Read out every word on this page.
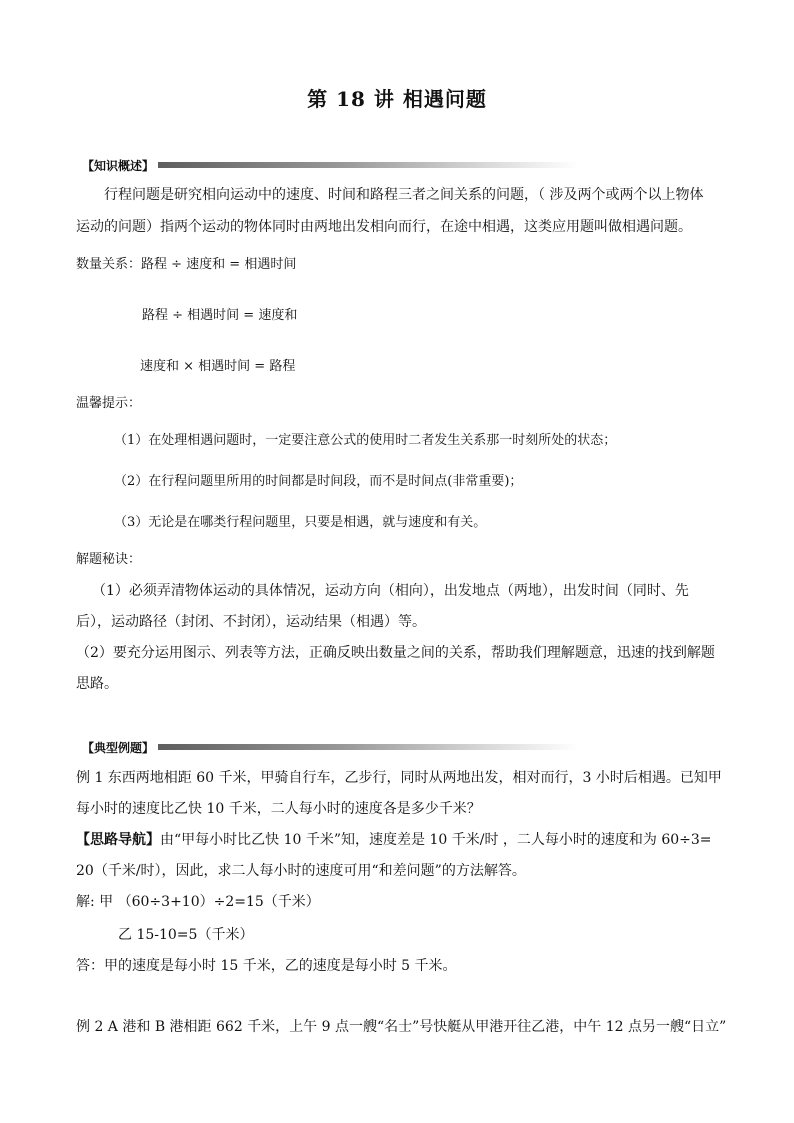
第 18 讲 相遇问题
【知识概述】
行程问题是研究相向运动中的速度、时间和路程三者之间关系的问题，（ 涉及两个或两个以上物体
运动的问题）指两个运动的物体同时由两地出发相向而行，在途中相遇，这类应用题叫做相遇问题。
数量关系：路程 ÷ 速度和 = 相遇时间
路程 ÷ 相遇时间 = 速度和
速度和 × 相遇时间 = 路程
温馨提示：
（1）在处理相遇问题时，一定要注意公式的使用时二者发生关系那一时刻所处的状态；
（2）在行程问题里所用的时间都是时间段，而不是时间点(非常重要)；
（3）无论是在哪类行程问题里，只要是相遇，就与速度和有关。
解题秘诀：
（1）必须弄清物体运动的具体情况，运动方向（相向），出发地点（两地），出发时间（同时、先
后），运动路径（封闭、不封闭），运动结果（相遇）等。
（2）要充分运用图示、列表等方法，正确反映出数量之间的关系，帮助我们理解题意，迅速的找到解题
思路。
【典型例题】
例 1 东西两地相距 60 千米，甲骑自行车，乙步行，同时从两地出发，相对而行，3 小时后相遇。已知甲
每小时的速度比乙快 10 千米，二人每小时的速度各是多少千米？
【思路导航】由“甲每小时比乙快 10 千米”知，速度差是 10 千米/时 ，二人每小时的速度和为 60÷3=
20（千米/时），因此，求二人每小时的速度可用“和差问题”的方法解答。
解: 甲 （60÷3+10）÷2=15（千米）
乙 15-10=5（千米）
答：甲的速度是每小时 15 千米，乙的速度是每小时 5 千米。
例 2 A 港和 B 港相距 662 千米，上午 9 点一艘“名士”号快艇从甲港开往乙港，中午 12 点另一艘“日立”
